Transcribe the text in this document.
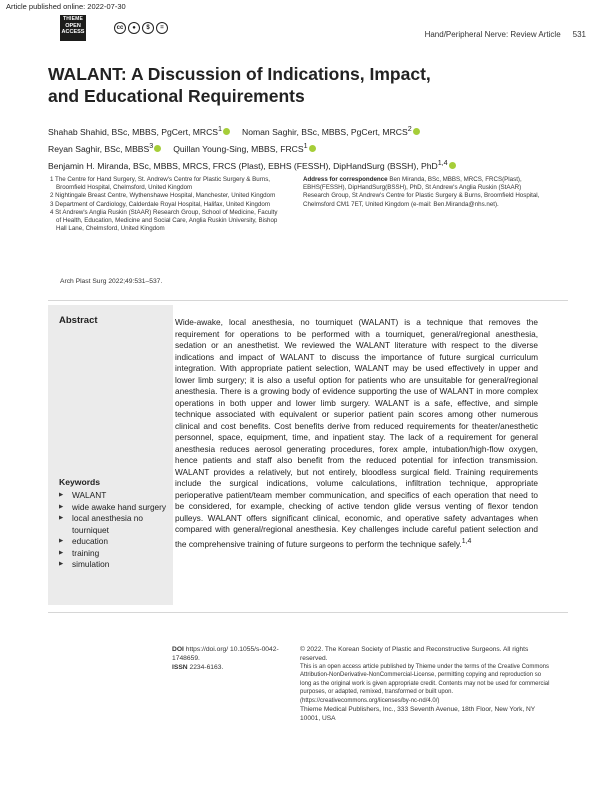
Article published online: 2022-07-30
THIEME
OPEN
ACCESS
cc	●	$	=
Hand/Peripheral Nerve: Review Article 531
WALANT: A Discussion of Indications, Impact,
and Educational Requirements
Shahab Shahid, BSc, MBBS, PgCert, MRCS$^1$ Noman Saghir, BSc, MBBS, PgCert, MRCS$^2$
Reyan Saghir, BSc, MBBS$^3$ Quillan Young-Sing, MBBS, FRCS$^1$
Benjamin H. Miranda, BSc, MBBS, MRCS, FRCS (Plast), EBHS (FESSH), DipHandSurg (BSSH), PhD$^{1,4}$

1 The Centre for Hand Surgery, St. Andrew's Centre for Plastic Surgery & Burns, Broomfield Hospital, Chelmsford, United Kingdom

2 Nightingale Breast Centre, Wythenshawe Hospital, Manchester, United Kingdom

3 Department of Cardiology, Calderdale Royal Hospital, Halifax, United Kingdom

4 St Andrew's Anglia Ruskin (StAAR) Research Group, School of Medicine, Faculty of Health, Education, Medicine and Social Care, Anglia Ruskin University, Bishop Hall Lane, Chelmsford, United Kingdom

Address for correspondence Ben Miranda, BSc, MBBS, MRCS, FRCS(Plast), EBHS(FESSH), DipHandSurg(BSSH), PhD, St Andrew's Anglia Ruskin (StAAR) Research Group, St Andrew's Centre for Plastic Surgery & Burns, Broomfield Hospital, Chelmsford CM1 7ET, United Kingdom (e-mail: Ben.Miranda@nhs.net).
Arch Plast Surg 2022;49:531–537.
Abstract	Wide-awake, local anesthesia, no tourniquet (WALANT) is a technique that removes the requirement for operations to be performed with a tourniquet, general/regional anesthesia, sedation or an anesthetist. We reviewed the WALANT literature with respect to the diverse indications and impact of WALANT to discuss the importance of future surgical curriculum integration. With appropriate patient selection, WALANT may be used effectively in upper and lower limb surgery; it is also a useful option for patients who are unsuitable for general/regional anesthesia. There is a growing body of evidence supporting the use of WALANT in more complex operations in both upper and lower limb surgery. WALANT is a safe, effective, and simple technique associated with equivalent or superior patient pain scores among other numerous clinical and cost benefits. Cost benefits derive from reduced requirements for theater/anesthetic personnel, space, equipment, time, and inpatient stay. The lack of a requirement for general anesthesia reduces aerosol generating procedures, forex ample, intubation/high-flow oxygen, hence patients and staff also benefit from the reduced potential for infection transmission. WALANT provides a relatively, but not entirely, bloodless surgical field. Training requirements include the surgical indications, volume calculations, infiltration technique, appropriate perioperative patient/team member communication, and specifics of each operation that need to be considered, for example, checking of active tendon glide versus venting of flexor tendon pulleys. WALANT offers significant clinical, economic, and operative safety advantages when compared with general/regional anesthesia. Key challenges include careful patient selection and the comprehensive training of future surgeons to perform the technique safely.$^{1,4}$
Keywords
▶ WALANT
▶ wide awake hand surgery
▶ local anesthesia no tourniquet
▶ education
▶ training
▶ simulation
DOI https://doi.org/ 10.1055/s-0042-1748659.
ISSN 2234-6163.
© 2022. The Korean Society of Plastic and Reconstructive Surgeons. All rights reserved.
This is an open access article published by Thieme under the terms of the Creative Commons Attribution-NonDerivative-NonCommercial-License, permitting copying and reproduction so long as the original work is given appropriate credit. Contents may not be used for commercial purposes, or adapted, remixed, transformed or built upon. (https://creativecommons.org/licenses/by-nc-nd/4.0/)
Thieme Medical Publishers, Inc., 333 Seventh Avenue, 18th Floor, New York, NY 10001, USA
